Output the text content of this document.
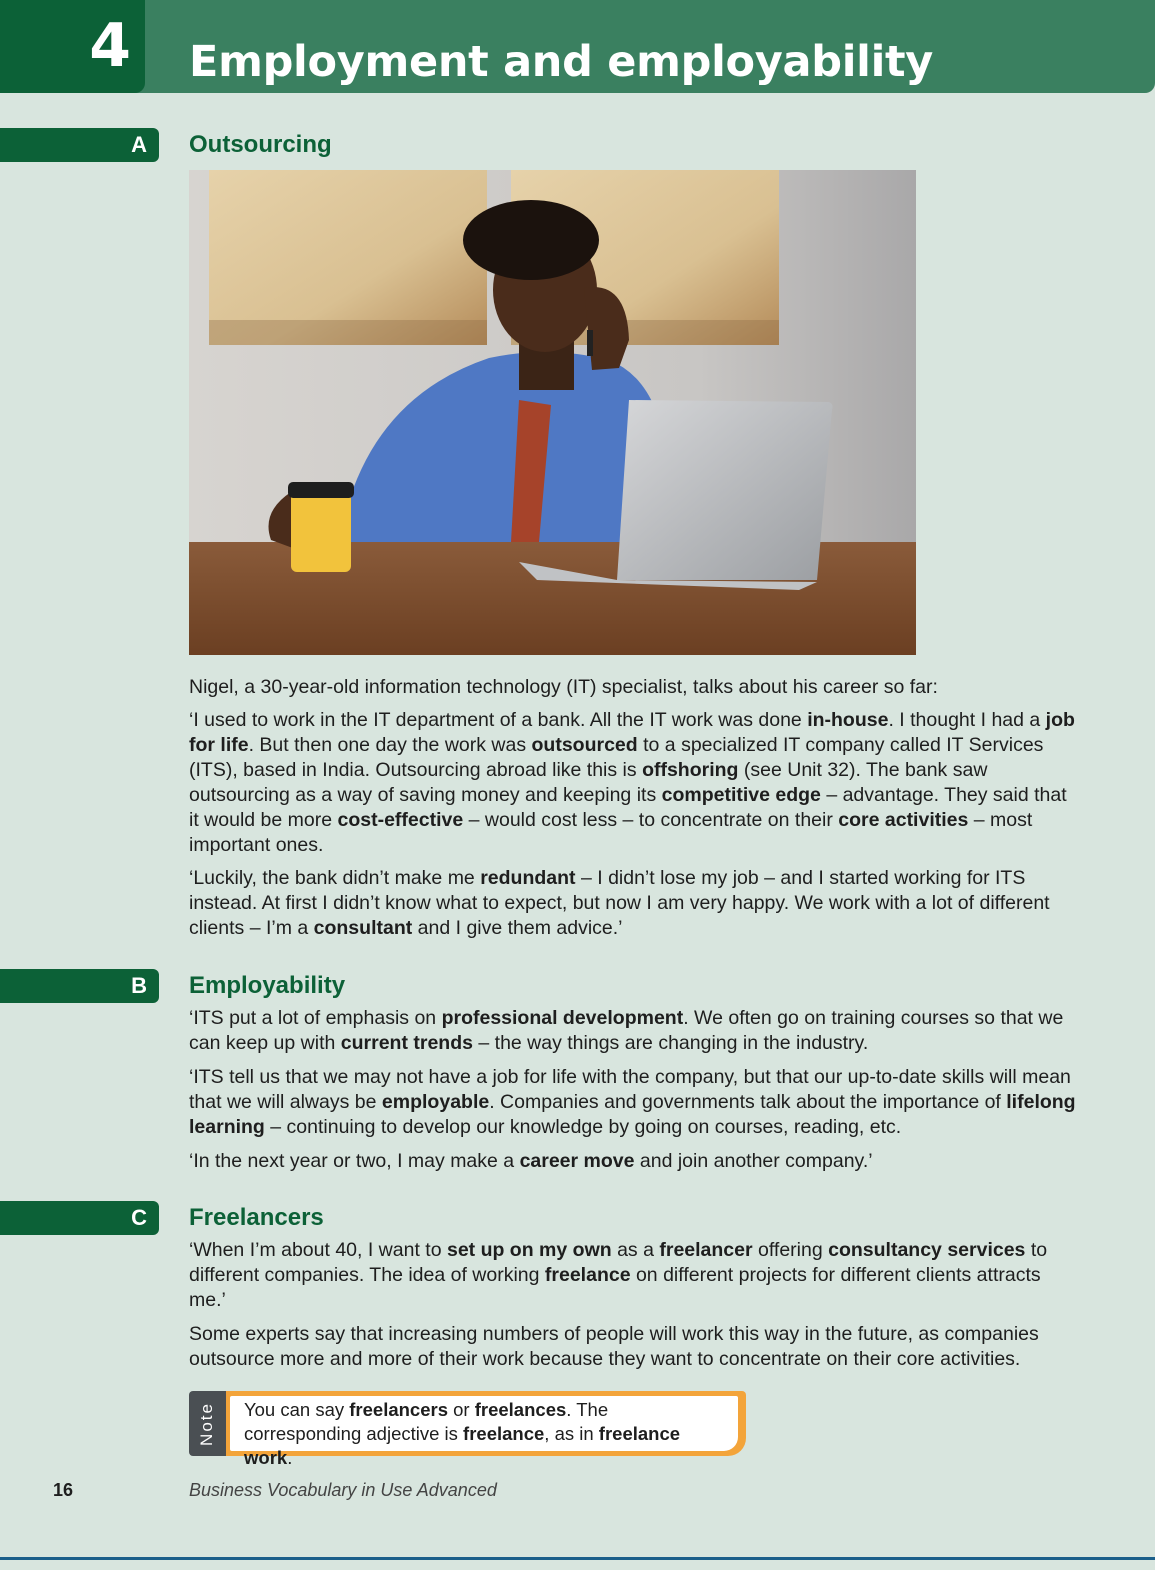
4 Employment and employability
A	Outsourcing

Nigel, a 30-year-old information technology (IT) specialist, talks about his career so far:

‘I used to work in the IT department of a bank. All the IT work was done in-house. I thought I had a job for life. But then one day the work was outsourced to a specialized IT company called IT Services (ITS), based in India. Outsourcing abroad like this is offshoring (see Unit 32). The bank saw outsourcing as a way of saving money and keeping its competitive edge – advantage. They said that it would be more cost-effective – would cost less – to concentrate on their core activities – most important ones.

‘Luckily, the bank didn’t make me redundant – I didn’t lose my job – and I started working for ITS instead. At first I didn’t know what to expect, but now I am very happy. We work with a lot of different clients – I’m a consultant and I give them advice.’

B	Employability

‘ITS put a lot of emphasis on professional development. We often go on training courses so that we can keep up with current trends – the way things are changing in the industry.

‘ITS tell us that we may not have a job for life with the company, but that our up-to-date skills will mean that we will always be employable. Companies and governments talk about the importance of lifelong learning – continuing to develop our knowledge by going on courses, reading, etc.

‘In the next year or two, I may make a career move and join another company.’

C	Freelancers

‘When I’m about 40, I want to set up on my own as a freelancer offering consultancy services to different companies. The idea of working freelance on different projects for different clients attracts me.’

Some experts say that increasing numbers of people will work this way in the future, as companies outsource more and more of their work because they want to concentrate on their core activities.

Note	You can say freelancers or freelances. The corresponding adjective is freelance, as in freelance work.
16	Business Vocabulary in Use Advanced
